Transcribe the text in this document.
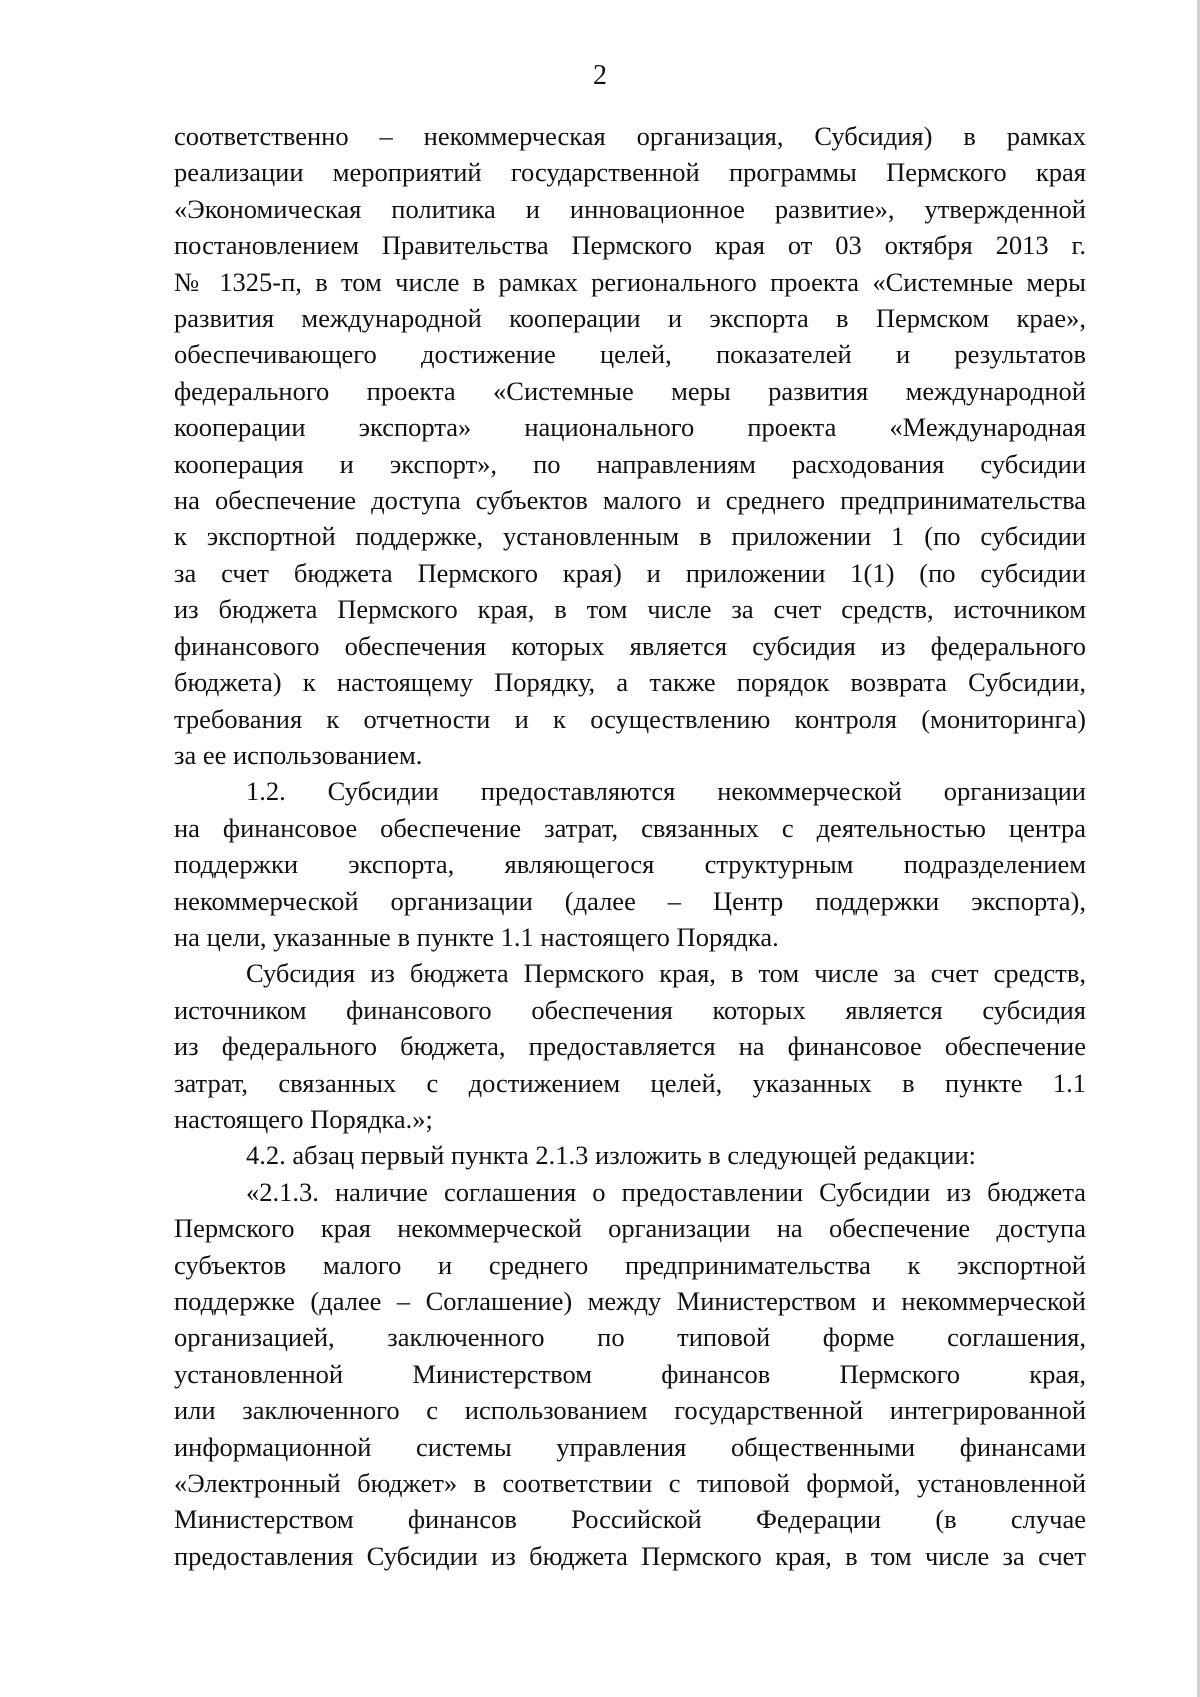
2

соответственно – некоммерческая организация, Субсидия) в рамках

реализации мероприятий государственной программы Пермского края

«Экономическая политика и инновационное развитие», утвержденной

постановлением Правительства Пермского края от 03 октября 2013 г.

№ 1325-п, в том числе в рамках регионального проекта «Системные меры

развития международной кооперации и экспорта в Пермском крае»,

обеспечивающего достижение целей, показателей и результатов

федерального проекта «Системные меры развития международной

кооперации экспорта» национального проекта «Международная

кооперация и экспорт», по направлениям расходования субсидии

на обеспечение доступа субъектов малого и среднего предпринимательства

к экспортной поддержке, установленным в приложении 1 (по субсидии

за счет бюджета Пермского края) и приложении 1(1) (по субсидии

из бюджета Пермского края, в том числе за счет средств, источником

финансового обеспечения которых является субсидия из федерального

бюджета) к настоящему Порядку, а также порядок возврата Субсидии,

требования к отчетности и к осуществлению контроля (мониторинга)

за ее использованием.

1.2. Субсидии предоставляются некоммерческой организации

на финансовое обеспечение затрат, связанных с деятельностью центра

поддержки экспорта, являющегося структурным подразделением

некоммерческой организации (далее – Центр поддержки экспорта),

на цели, указанные в пункте 1.1 настоящего Порядка.

Субсидия из бюджета Пермского края, в том числе за счет средств,

источником финансового обеспечения которых является субсидия

из федерального бюджета, предоставляется на финансовое обеспечение

затрат, связанных с достижением целей, указанных в пункте 1.1

настоящего Порядка.»;

4.2. абзац первый пункта 2.1.3 изложить в следующей редакции:

«2.1.3. наличие соглашения о предоставлении Субсидии из бюджета

Пермского края некоммерческой организации на обеспечение доступа

субъектов малого и среднего предпринимательства к экспортной

поддержке (далее – Соглашение) между Министерством и некоммерческой

организацией, заключенного по типовой форме соглашения,

установленной Министерством финансов Пермского края,

или заключенного с использованием государственной интегрированной

информационной системы управления общественными финансами

«Электронный бюджет» в соответствии с типовой формой, установленной

Министерством финансов Российской Федерации (в случае

предоставления Субсидии из бюджета Пермского края, в том числе за счет
